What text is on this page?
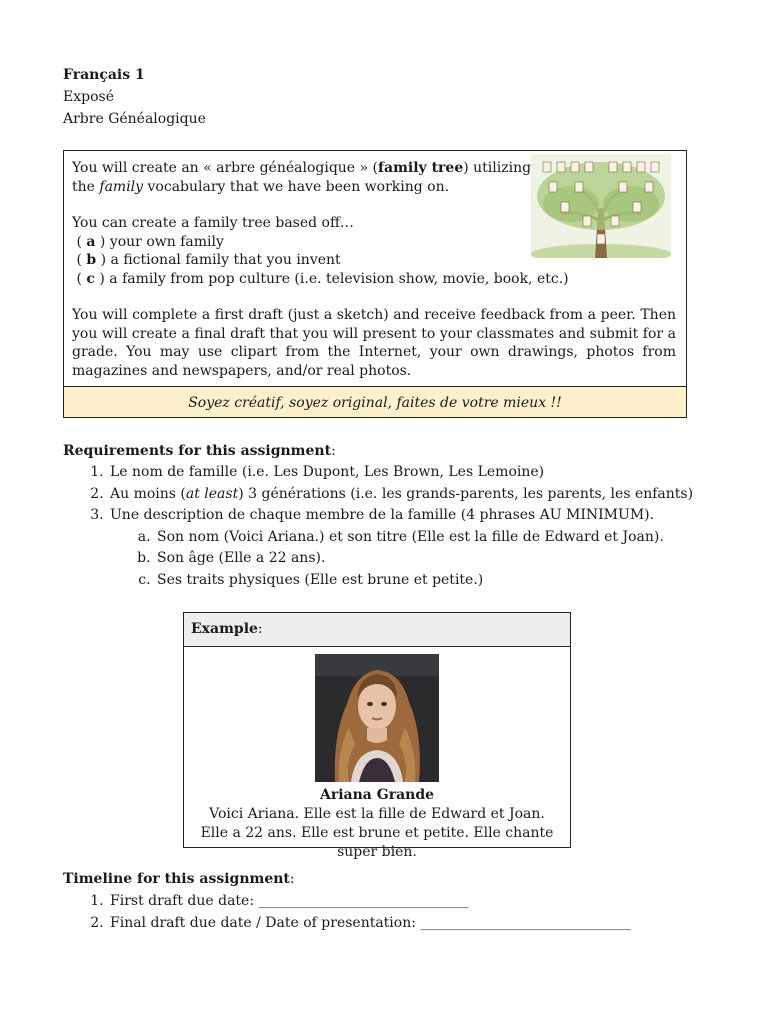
Français 1
Exposé
Arbre Généalogique

You will create an « arbre généalogique » (family tree) utilizing

the family vocabulary that we have been working on.

You can create a family tree based off…

( a ) your own family

( b ) a fictional family that you invent

( c ) a family from pop culture (i.e. television show, movie, book, etc.)

You will complete a first draft (just a sketch) and receive feedback from a peer. Then you will create a final draft that you will present to your classmates and submit for a grade. You may use clipart from the Internet, your own drawings, photos from magazines and newspapers, and/or real photos.

Soyez créatif, soyez original, faites de votre mieux !!
Requirements for this assignment:
1. Le nom de famille (i.e. Les Dupont, Les Brown, Les Lemoine)
2. Au moins (at least) 3 générations (i.e. les grands-parents, les parents, les enfants)
3. Une description de chaque membre de la famille (4 phrases AU MINIMUM).
a. Son nom (Voici Ariana.) et son titre (Elle est la fille de Edward et Joan).
b. Son âge (Elle a 22 ans).
c. Ses traits physiques (Elle est brune et petite.)
Example:
Ariana Grande
Voici Ariana. Elle est la fille de Edward et Joan. Elle a 22 ans. Elle est brune et petite. Elle chante super bien.
Timeline for this assignment:
1. First draft due date: ______________________________
2. Final draft due date / Date of presentation: ______________________________
